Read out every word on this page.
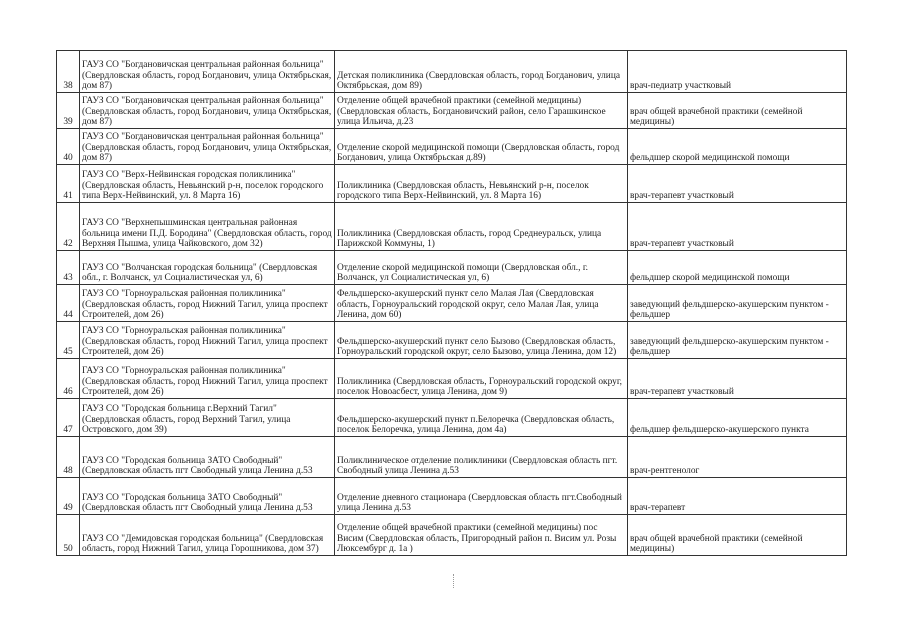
38	ГАУЗ СО "Богдановичская центральная районная больница" (Свердловская область, город Богданович, улица Октябрьская, дом 87)	Детская поликлиника (Свердловская область, город Богданович, улица Октябрьская, дом 89)	врач-педиатр участковый
39	ГАУЗ СО "Богдановичская центральная районная больница" (Свердловская область, город Богданович, улица Октябрьская, дом 87)	Отделение общей врачебной практики (семейной медицины) (Свердловская область, Богдановичский район, село Гарашкинское улица Ильича, д.23	врач общей врачебной практики (семейной медицины)
40	ГАУЗ СО "Богдановичская центральная районная больница" (Свердловская область, город Богданович, улица Октябрьская, дом 87)	Отделение скорой медицинской помощи (Свердловская область, город Богданович, улица Октябрьская д.89)	фельдшер скорой медицинской помощи
41	ГАУЗ СО "Верх-Нейвинская городская поликлиника" (Свердловская область, Невьянский р-н, поселок городского типа Верх-Нейвинский, ул. 8 Марта 16)	Поликлиника (Свердловская область, Невьянский р-н, поселок городского типа Верх-Нейвинский, ул. 8 Марта 16)	врач-терапевт участковый
42	ГАУЗ СО "Верхнепышминская центральная районная больница имени П.Д. Бородина" (Свердловская область, город Верхняя Пышма, улица Чайковского, дом 32)	Поликлиника (Свердловская область, город Среднеуральск, улица Парижской Коммуны, 1)	врач-терапевт участковый
43	ГАУЗ СО "Волчанская городская больница" (Свердловская обл., г. Волчанск, ул Социалистическая ул, 6)	Отделение скорой медицинской помощи (Свердловская обл., г. Волчанск, ул Социалистическая ул, 6)	фельдшер скорой медицинской помощи
44	ГАУЗ СО "Горноуральская районная поликлиника" (Свердловская область, город Нижний Тагил, улица проспект Строителей, дом 26)	Фельдшерско-акушерский пункт село Малая Лая (Свердловская область, Горноуральский городской округ, село Малая Лая, улица Ленина, дом 60)	заведующий фельдшерско-акушерским пунктом - фельдшер
45	ГАУЗ СО "Горноуральская районная поликлиника" (Свердловская область, город Нижний Тагил, улица проспект Строителей, дом 26)	Фельдшерско-акушерский пункт село Бызово (Свердловская область, Горноуральский городской округ, село Бызово, улица Ленина, дом 12)	заведующий фельдшерско-акушерским пунктом - фельдшер
46	ГАУЗ СО "Горноуральская районная поликлиника" (Свердловская область, город Нижний Тагил, улица проспект Строителей, дом 26)	Поликлиника (Свердловская область, Горноуральский городской округ, поселок Новоасбест, улица Ленина, дом 9)	врач-терапевт участковый
47	ГАУЗ СО "Городская больница г.Верхний Тагил" (Свердловская область, город Верхний Тагил, улица Островского, дом 39)	Фельдшерско-акушерский пункт п.Белоречка (Свердловская область, поселок Белоречка, улица Ленина, дом 4а)	фельдшер фельдшерско-акушерского пункта
48	ГАУЗ СО "Городская больница ЗАТО Свободный" (Свердловская область пгт Свободный улица Ленина д.53	Поликлиническое отделение поликлиники (Свердловская область пгт. Свободный улица Ленина д.53	врач-рентгенолог
49	ГАУЗ СО "Городская больница ЗАТО Свободный" (Свердловская область пгт Свободный улица Ленина д.53	Отделение дневного стационара (Свердловская область пгт.Свободный улица Ленина д.53	врач-терапевт
50	ГАУЗ СО "Демидовская городская больница" (Свердловская область, город Нижний Тагил, улица Горошникова, дом 37)	Отделение общей врачебной практики (семейной медицины) пос Висим (Свердловская область, Пригородный район п. Висим ул. Розы Люксембург д. 1а )	врач общей врачебной практики (семейной медицины)
